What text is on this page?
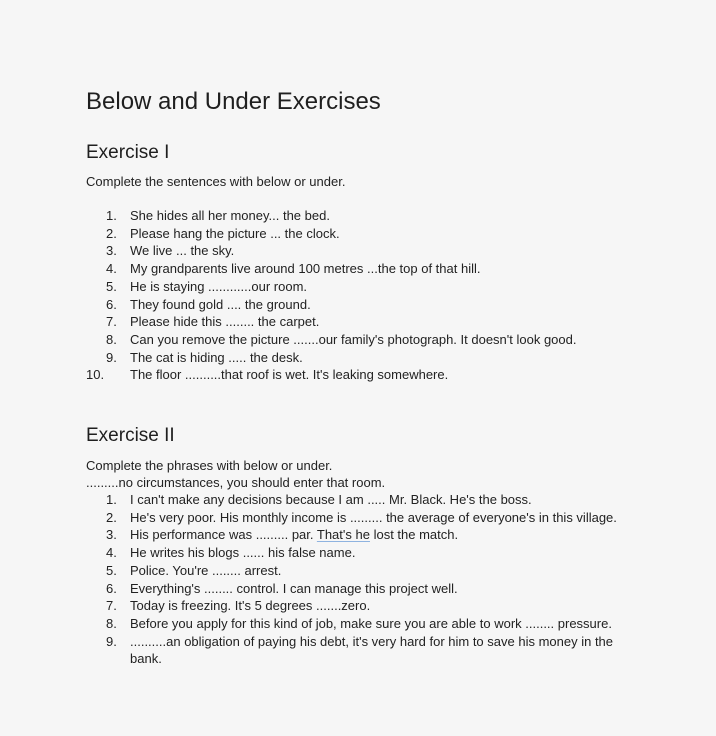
Below and Under Exercises
Exercise I
Complete the sentences with below or under.
1. She hides all her money... the bed.
2. Please hang the picture ... the clock.
3. We live ... the sky.
4. My grandparents live around 100 metres ...the top of that hill.
5. He is staying ............our room.
6. They found gold .... the ground.
7. Please hide this ........ the carpet.
8. Can you remove the picture .......our family's photograph. It doesn't look good.
9. The cat is hiding ..... the desk.
10. The floor ..........that roof is wet. It's leaking somewhere.
Exercise II
Complete the phrases with below or under.
.........no circumstances, you should enter that room.
1. I can't make any decisions because I am ..... Mr. Black. He's the boss.
2. He's very poor. His monthly income is ......... the average of everyone's in this village.
3. His performance was ......... par. That's he lost the match.
4. He writes his blogs ...... his false name.
5. Police. You're ........ arrest.
6. Everything's ........ control. I can manage this project well.
7. Today is freezing. It's 5 degrees .......zero.
8. Before you apply for this kind of job, make sure you are able to work ........ pressure.
9. ..........an obligation of paying his debt, it's very hard for him to save his money in the bank.
